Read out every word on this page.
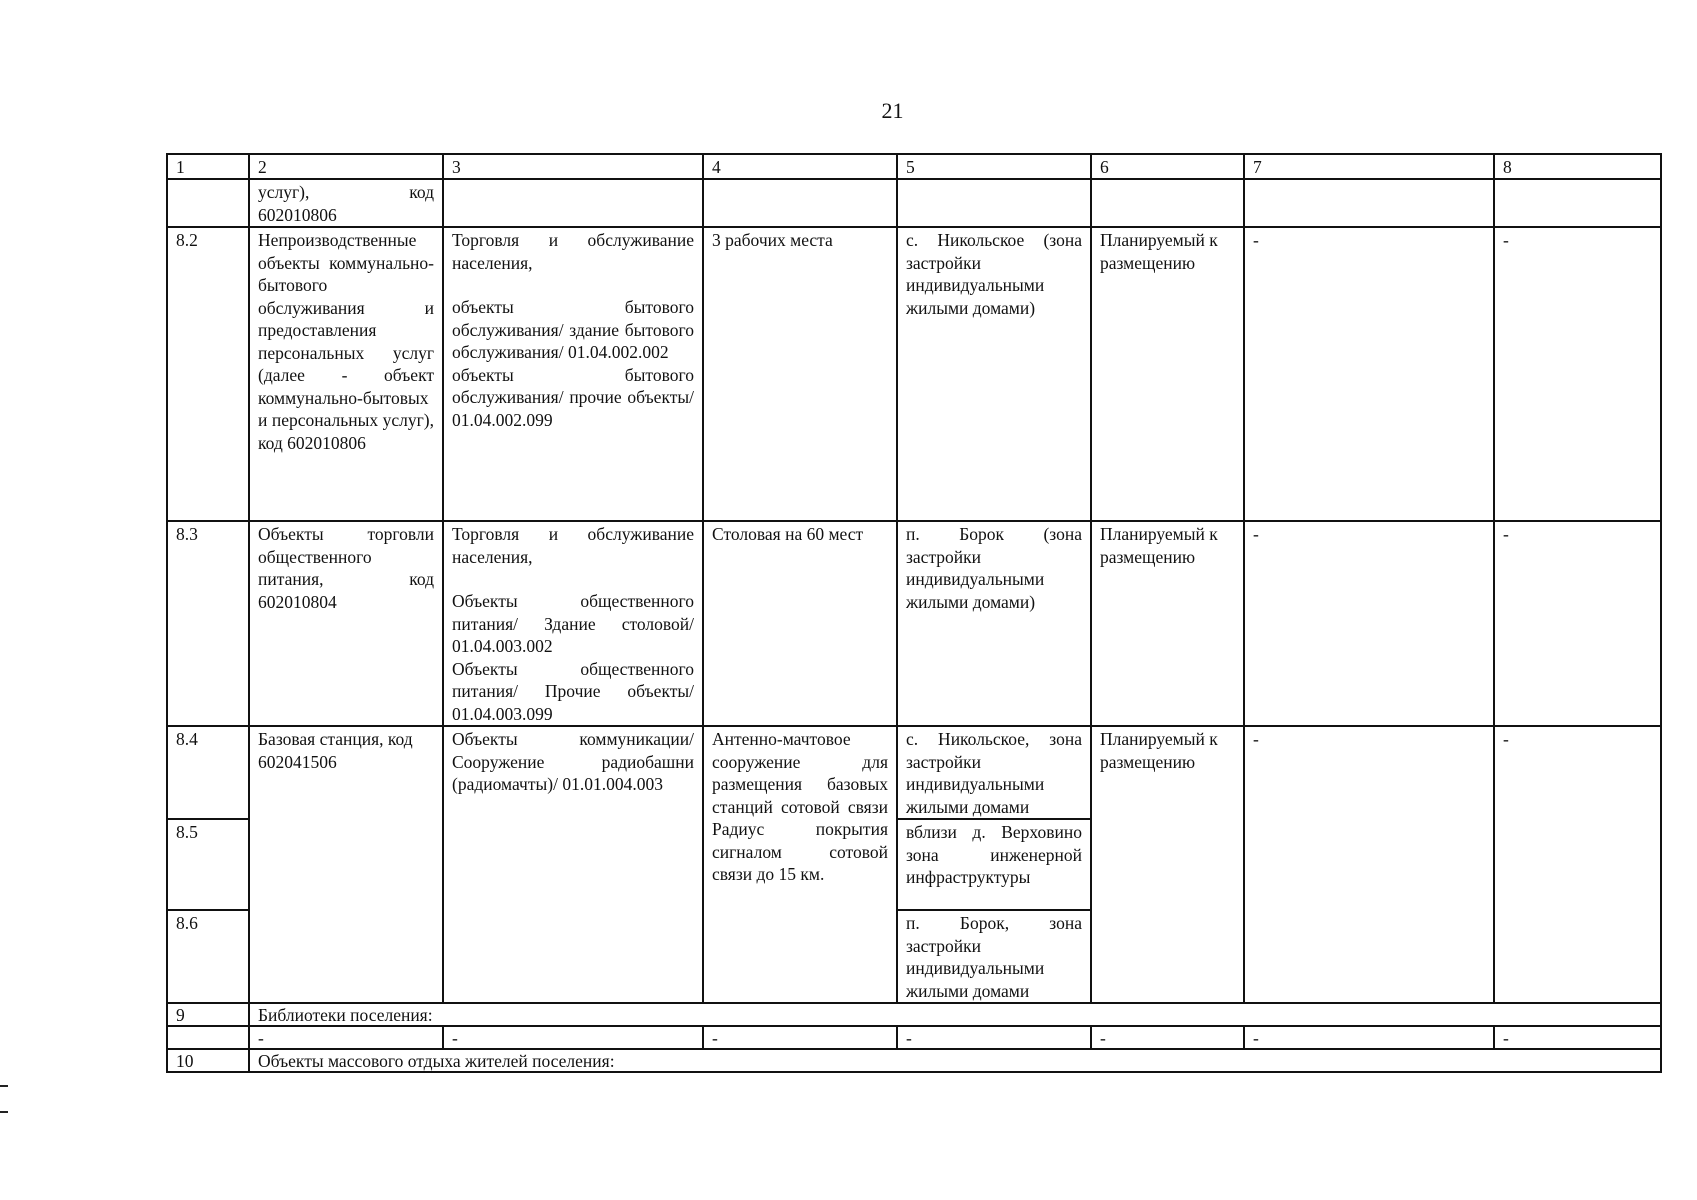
21
1	2	3	4	5	6	7	8

	услуг), код
602010806						

8.2	Непроизводственные объекты коммунально-бытового обслуживания и предоставления персональных услуг (далее - объект коммунально-бытовых и персональных услуг), код 602010806	Торговля и обслуживание населения,
объекты бытового обслуживания/ здание бытового обслуживания/ 01.04.002.002
объекты бытового обслуживания/ прочие объекты/ 01.04.002.099	3 рабочих места	с. Никольское (зона застройки индивидуальными жилыми домами)	Планируемый к размещению	-	-
8.3	Объекты торговли общественного питания, код 602010804	Торговля и обслуживание населения,
Объекты общественного питания/ Здание столовой/ 01.04.003.002
Объекты общественного питания/ Прочие объекты/ 01.04.003.099	Столовая на 60 мест	п. Борок (зона застройки индивидуальными жилыми домами)	Планируемый к размещению	-	-
8.4	Базовая станция, код 602041506	Объекты коммуникации/ Сооружение радиобашни (радиомачты)/ 01.01.004.003	Антенно-мачтовое сооружение для размещения базовых станций сотовой связи Радиус покрытия сигналом сотовой связи до 15 км.	с. Никольское, зона застройки индивидуальными жилыми домами	Планируемый к размещению	-	-
8.5				вблизи д. Верховино зона инженерной инфраструктуры			
8.6				п. Борок, зона застройки индивидуальными жилыми домами			
9	Библиотеки поселения:						
	-	-	-	-	-	-	-
10	Объекты массового отдыха жителей поселения:						
